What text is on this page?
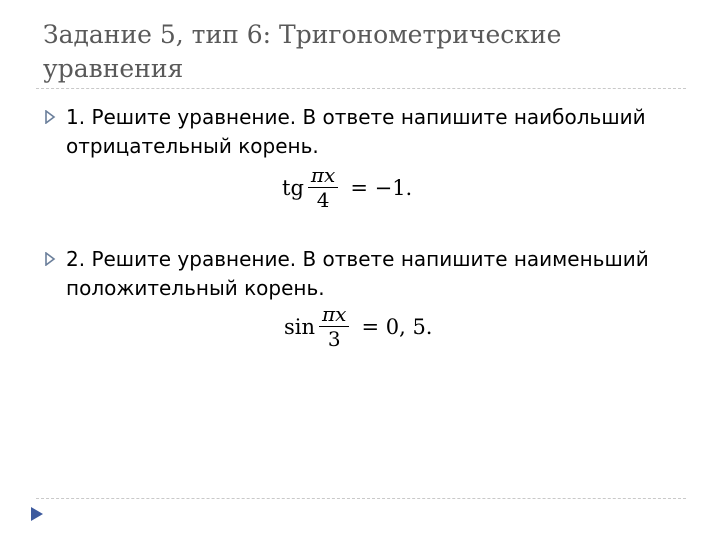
Задание 5, тип 6: Тригонометрические уравнения

1. Решите уравнение. В ответе напишите наибольший отрицательный корень.

tg $\frac{\pi x}{4} = -1$.

2. Решите уравнение. В ответе напишите наименьший положительный корень.

$\sin \frac{\pi x}{3} = 0$, 5.
